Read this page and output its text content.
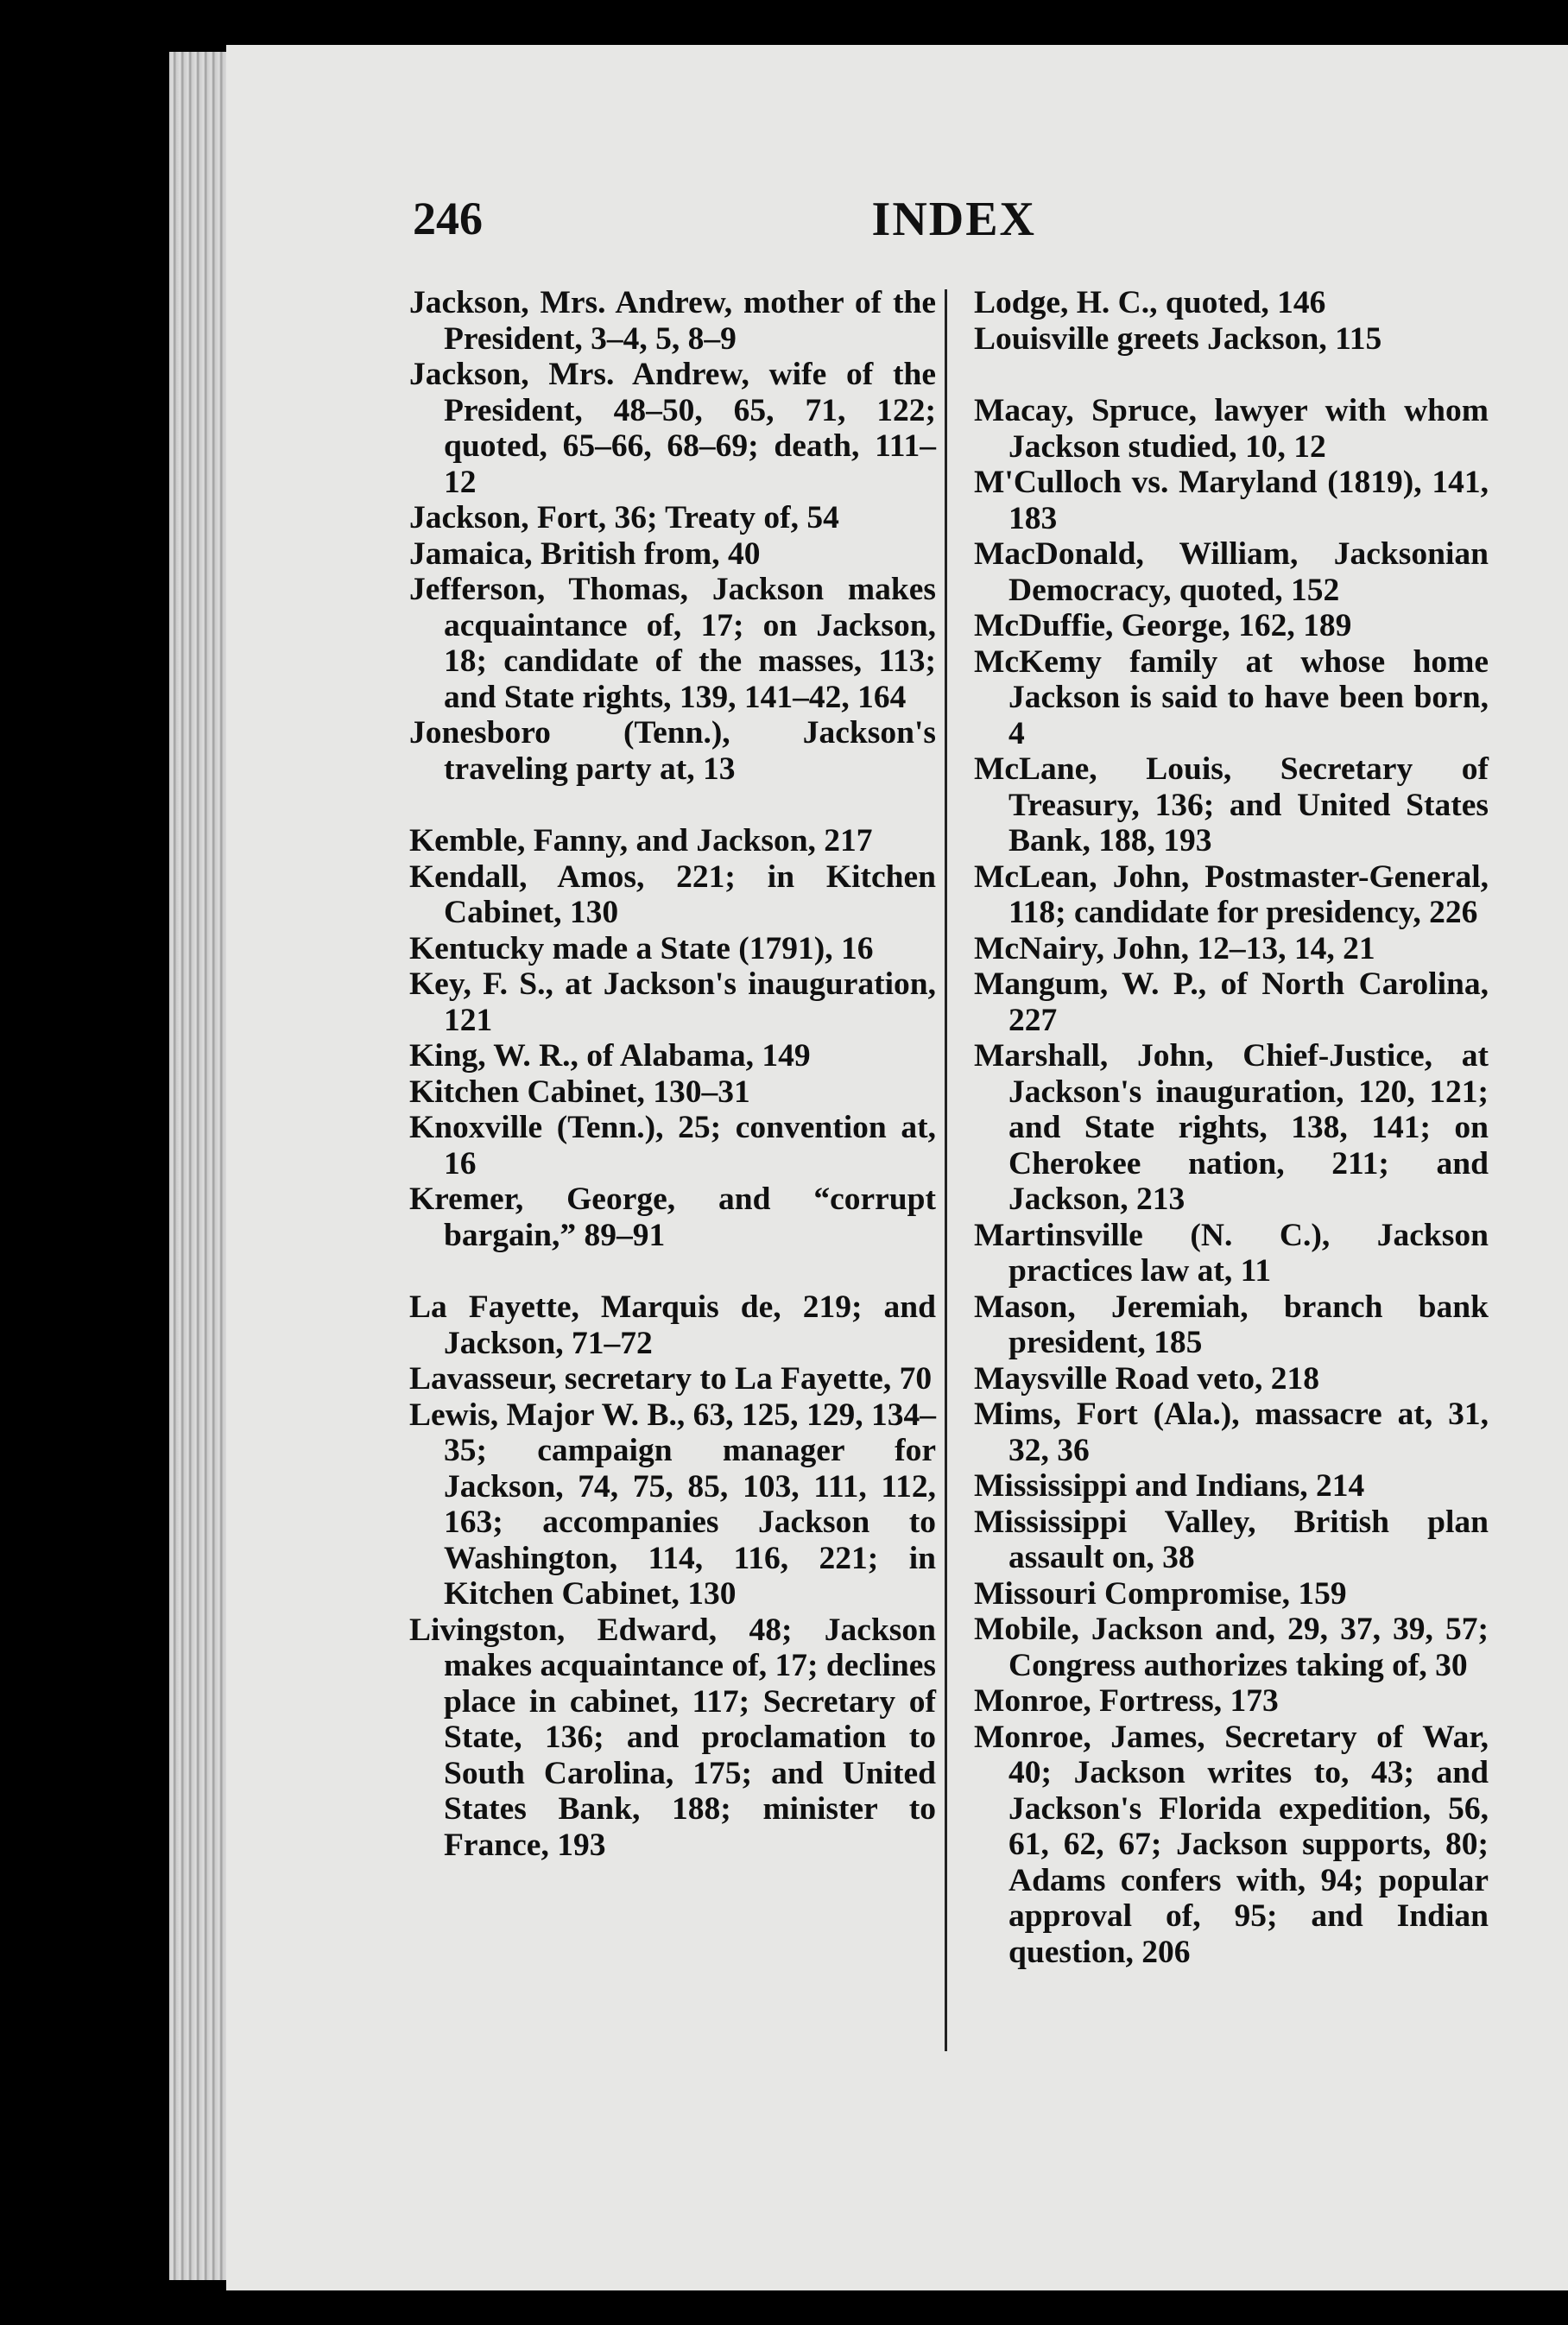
246	INDEX

Jackson, Mrs. Andrew, mother of the President, 3–4, 5, 8–9

Jackson, Mrs. Andrew, wife of the President, 48–50, 65, 71, 122; quoted, 65–66, 68–69; death, 111–12

Jackson, Fort, 36; Treaty of, 54

Jamaica, British from, 40

Jefferson, Thomas, Jackson makes acquaintance of, 17; on Jackson, 18; candidate of the masses, 113; and State rights, 139, 141–42, 164

Jonesboro (Tenn.), Jackson's traveling party at, 13

Kemble, Fanny, and Jackson, 217

Kendall, Amos, 221; in Kitchen Cabinet, 130

Kentucky made a State (1791), 16

Key, F. S., at Jackson's inauguration, 121

King, W. R., of Alabama, 149

Kitchen Cabinet, 130–31

Knoxville (Tenn.), 25; convention at, 16

Kremer, George, and “corrupt bargain,” 89–91

La Fayette, Marquis de, 219; and Jackson, 71–72

Lavasseur, secretary to La Fayette, 70

Lewis, Major W. B., 63, 125, 129, 134–35; campaign manager for Jackson, 74, 75, 85, 103, 111, 112, 163; accompanies Jackson to Washington, 114, 116, 221; in Kitchen Cabinet, 130

Livingston, Edward, 48; Jackson makes acquaintance of, 17; declines place in cabinet, 117; Secretary of State, 136; and proclamation to South Carolina, 175; and United States Bank, 188; minister to France, 193

Lodge, H. C., quoted, 146

Louisville greets Jackson, 115

Macay, Spruce, lawyer with whom Jackson studied, 10, 12

M'Culloch vs. Maryland (1819), 141, 183

MacDonald, William, Jacksonian Democracy, quoted, 152

McDuffie, George, 162, 189

McKemy family at whose home Jackson is said to have been born, 4

McLane, Louis, Secretary of Treasury, 136; and United States Bank, 188, 193

McLean, John, Postmaster-General, 118; candidate for presidency, 226

McNairy, John, 12–13, 14, 21

Mangum, W. P., of North Carolina, 227

Marshall, John, Chief-Justice, at Jackson's inauguration, 120, 121; and State rights, 138, 141; on Cherokee nation, 211; and Jackson, 213

Martinsville (N. C.), Jackson practices law at, 11

Mason, Jeremiah, branch bank president, 185

Maysville Road veto, 218

Mims, Fort (Ala.), massacre at, 31, 32, 36

Mississippi and Indians, 214

Mississippi Valley, British plan assault on, 38

Missouri Compromise, 159

Mobile, Jackson and, 29, 37, 39, 57; Congress authorizes taking of, 30

Monroe, Fortress, 173

Monroe, James, Secretary of War, 40; Jackson writes to, 43; and Jackson's Florida expedition, 56, 61, 62, 67; Jackson supports, 80; Adams confers with, 94; popular approval of, 95; and Indian question, 206
